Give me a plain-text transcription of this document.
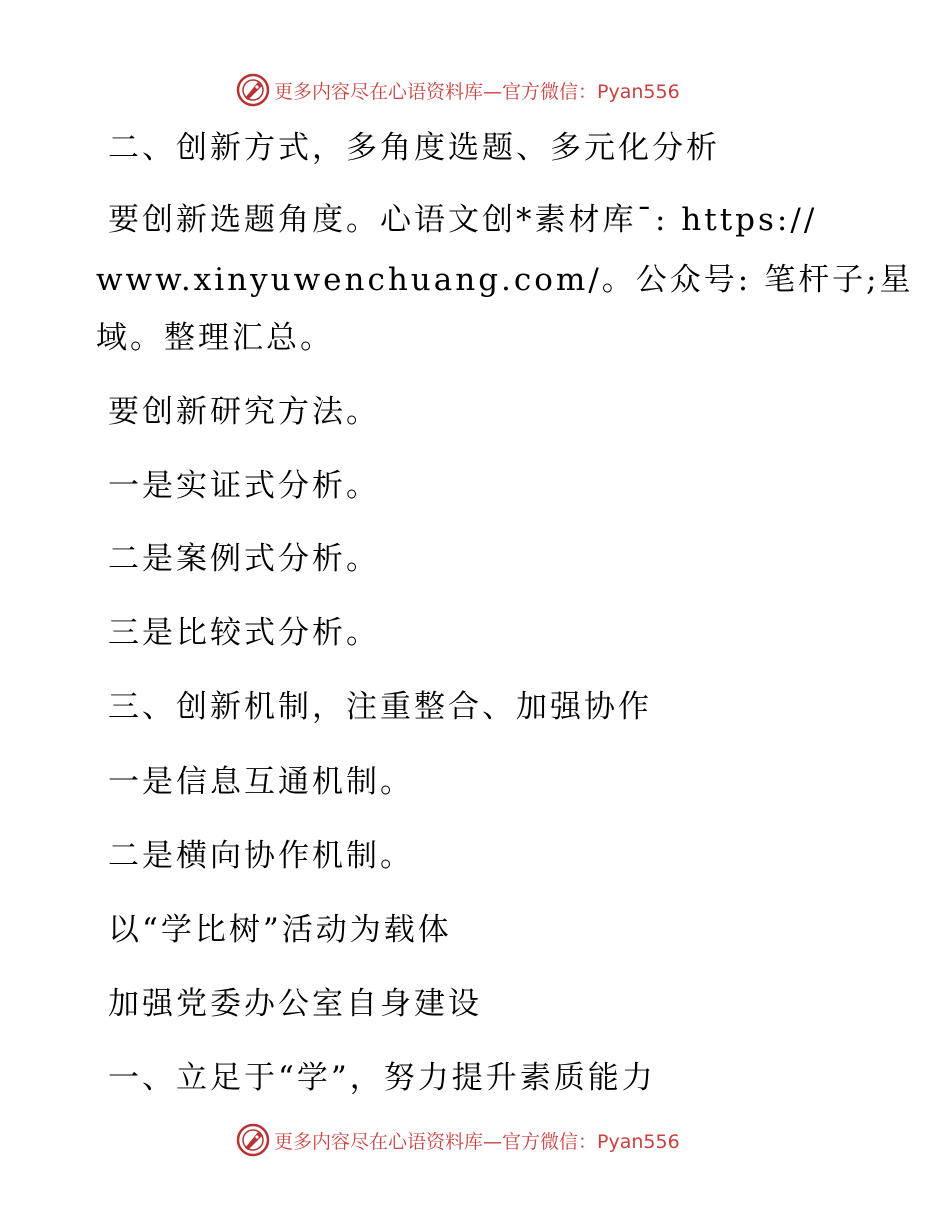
更多内容尽在心语资料库—官方微信：Pyan556
二、创新方式，多角度选题、多元化分析
要创新选题角度。心语文创*素材库¯: https://
www.xinyuwenchuang.com/。公众号: 笔杆子;星
域。整理汇总。
要创新研究方法。
一是实证式分析。
二是案例式分析。
三是比较式分析。
三、创新机制，注重整合、加强协作
一是信息互通机制。
二是横向协作机制。
以“学比树”活动为载体
加强党委办公室自身建设
一、立足于“学”，努力提升素质能力
更多内容尽在心语资料库—官方微信：Pyan556
